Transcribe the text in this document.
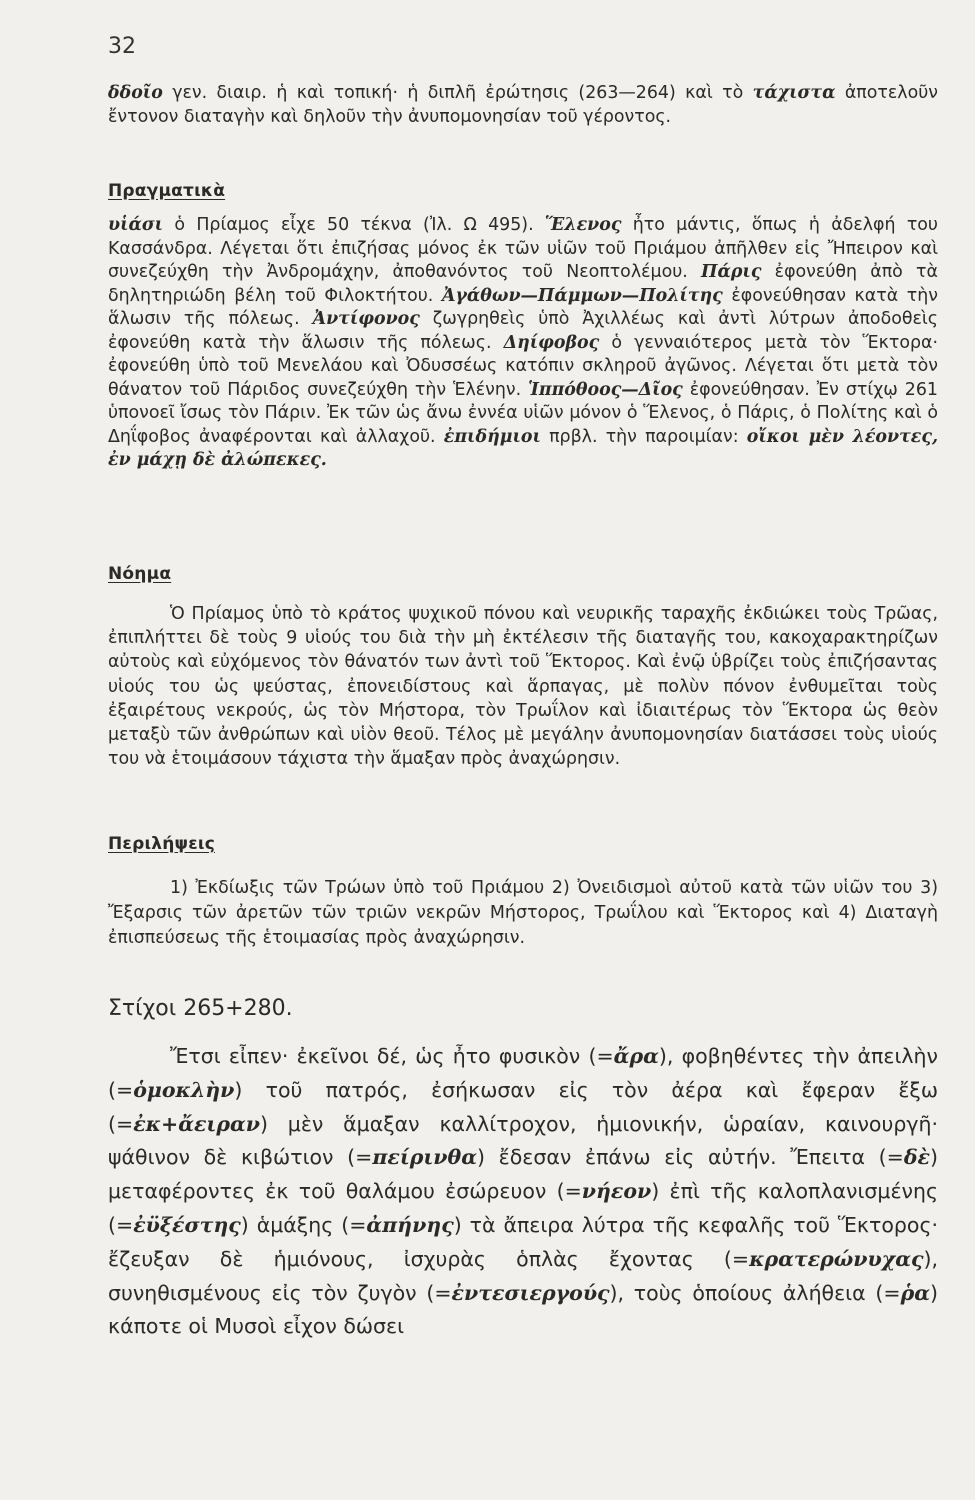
32

δδοῖο γεν. διαιρ. ἡ καὶ τοπική· ἡ διπλῆ ἐρώτησις (263—264) καὶ τὸ τάχιστα ἀποτελοῦν ἔντονον διαταγὴν καὶ δηλοῦν τὴν ἀνυπομονησίαν τοῦ γέροντος.

Πραγματικὰ

υἱάσι ὁ Πρίαμος εἶχε 50 τέκνα (Ἰλ. Ω 495). Ἕλενος ἦτο μάντις, ὅπως ἡ ἀδελφή του Κασσάνδρα. Λέγεται ὅτι ἐπιζήσας μόνος ἐκ τῶν υἱῶν τοῦ Πριάμου ἀπῆλθεν εἰς Ἤπειρον καὶ συνεζεύχθη τὴν Ἀνδρομάχην, ἀποθανόντος τοῦ Νεοπτολέμου. Πάρις ἐφονεύθη ἀπὸ τὰ δηλητηριώδη βέλη τοῦ Φιλοκτήτου. Ἀγάθων—Πάμμων—Πολίτης ἐφονεύθησαν κατὰ τὴν ἅλωσιν τῆς πόλεως. Ἀντίφονος ζωγρηθεὶς ὑπὸ Ἀχιλλέως καὶ ἀντὶ λύτρων ἀποδοθεὶς ἐφονεύθη κατὰ τὴν ἅλωσιν τῆς πόλεως. Δηίφοβος ὁ γενναιότερος μετὰ τὸν Ἕκτορα· ἐφονεύθη ὑπὸ τοῦ Μενελάου καὶ Ὀδυσσέως κατόπιν σκληροῦ ἀγῶνος. Λέγεται ὅτι μετὰ τὸν θάνατον τοῦ Πάριδος συνεζεύχθη τὴν Ἑλένην. Ἱππόθοος—Δῖος ἐφονεύθησαν. Ἐν στίχῳ 261 ὑπονοεῖ ἴσως τὸν Πάριν. Ἐκ τῶν ὡς ἄνω ἐννέα υἱῶν μόνον ὁ Ἕλενος, ὁ Πάρις, ὁ Πολίτης καὶ ὁ Δηΐφοβος ἀναφέρονται καὶ ἀλλαχοῦ. ἐπιδήμιοι πρβλ. τὴν παροιμίαν: οἴκοι μὲν λέοντες, ἐν μάχῃ δὲ ἀλώπεκες.

Νόημα

Ὁ Πρίαμος ὑπὸ τὸ κράτος ψυχικοῦ πόνου καὶ νευρικῆς ταραχῆς ἐκδιώκει τοὺς Τρῶας, ἐπιπλήττει δὲ τοὺς 9 υἱούς του διὰ τὴν μὴ ἐκτέλεσιν τῆς διαταγῆς του, κακοχαρακτηρίζων αὐτοὺς καὶ εὐχόμενος τὸν θάνατόν των ἀντὶ τοῦ Ἕκτορος. Καὶ ἐνῷ ὑβρίζει τοὺς ἐπιζήσαντας υἱούς του ὡς ψεύστας, ἐπονειδίστους καὶ ἅρπαγας, μὲ πολὺν πόνον ἐνθυμεῖται τοὺς ἐξαιρέτους νεκρούς, ὡς τὸν Μήστορα, τὸν Τρωΐλον καὶ ἰδιαιτέρως τὸν Ἕκτορα ὡς θεὸν μεταξὺ τῶν ἀνθρώπων καὶ υἱὸν θεοῦ. Τέλος μὲ μεγάλην ἀνυπομονησίαν διατάσσει τοὺς υἱούς του νὰ ἑτοιμάσουν τάχιστα τὴν ἅμαξαν πρὸς ἀναχώρησιν.

Περιλήψεις

1) Ἐκδίωξις τῶν Τρώων ὑπὸ τοῦ Πριάμου 2) Ὀνειδισμοὶ αὐτοῦ κατὰ τῶν υἱῶν του 3) Ἔξαρσις τῶν ἀρετῶν τῶν τριῶν νεκρῶν Μήστορος, Τρωΐλου καὶ Ἕκτορος καὶ 4) Διαταγὴ ἐπισπεύσεως τῆς ἑτοιμασίας πρὸς ἀναχώρησιν.

Στίχοι 265+280.

Ἔτσι εἶπεν· ἐκεῖνοι δέ, ὡς ἦτο φυσικὸν (=ἄρα), φοβηθέντες τὴν ἀπειλὴν (=ὁμοκλὴν) τοῦ πατρός, ἐσήκωσαν εἰς τὸν ἀέρα καὶ ἔφεραν ἔξω (=ἐκ+ἄειραν) μὲν ἅμαξαν καλλίτροχον, ἡμιονικήν, ὡραίαν, καινουργῆ· ψάθινον δὲ κιβώτιον (=πείρινθα) ἔδεσαν ἐπάνω εἰς αὐτήν. Ἔπειτα (=δὲ) μεταφέροντες ἐκ τοῦ θαλάμου ἐσώρευον (=νήεον) ἐπὶ τῆς καλοπλανισμένης (=ἐϋξέστης) ἁμάξης (=ἀπήνης) τὰ ἄπειρα λύτρα τῆς κεφαλῆς τοῦ Ἕκτορος· ἔζευξαν δὲ ἡμιόνους, ἰσχυρὰς ὁπλὰς ἔχοντας (=κρατερώνυχας), συνηθισμένους εἰς τὸν ζυγὸν (=ἐντεσιεργούς), τοὺς ὁποίους ἀλήθεια (=ῥα) κάποτε οἱ Μυσοὶ εἶχον δώσει
